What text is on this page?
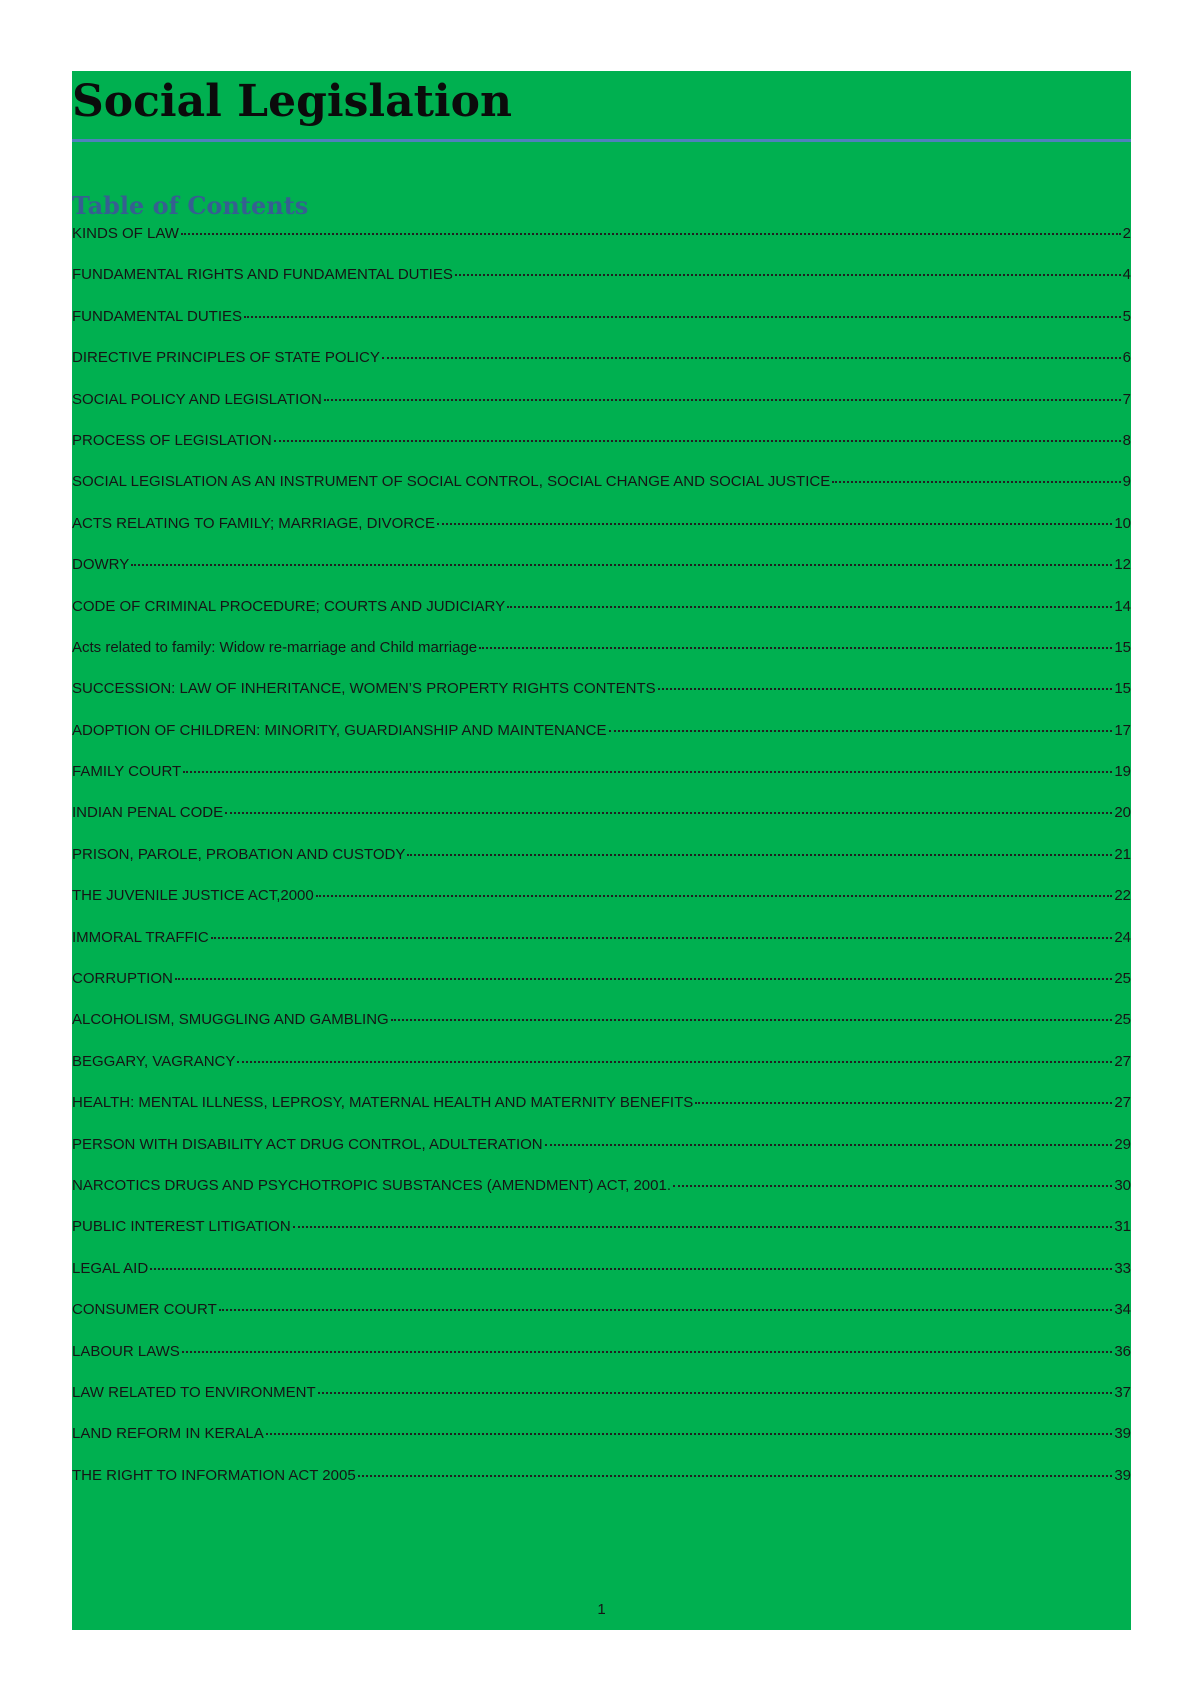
Social Legislation
Table of Contents
KINDS OF LAW	2
FUNDAMENTAL RIGHTS AND FUNDAMENTAL DUTIES	4
FUNDAMENTAL DUTIES	5
DIRECTIVE PRINCIPLES OF STATE POLICY	6
SOCIAL POLICY AND LEGISLATION	7
PROCESS OF LEGISLATION	8
SOCIAL LEGISLATION AS AN INSTRUMENT OF SOCIAL CONTROL, SOCIAL CHANGE AND SOCIAL JUSTICE	9
ACTS RELATING TO FAMILY; MARRIAGE, DIVORCE	10
DOWRY	12
CODE OF CRIMINAL PROCEDURE; COURTS AND JUDICIARY	14
Acts related to family: Widow re-marriage and Child marriage	15
SUCCESSION: LAW OF INHERITANCE, WOMEN’S PROPERTY RIGHTS CONTENTS	15
ADOPTION OF CHILDREN: MINORITY, GUARDIANSHIP AND MAINTENANCE	17
FAMILY COURT	19
INDIAN PENAL CODE	20
PRISON, PAROLE, PROBATION AND CUSTODY	21
THE JUVENILE JUSTICE ACT,2000	22
IMMORAL TRAFFIC	24
CORRUPTION	25
ALCOHOLISM, SMUGGLING AND GAMBLING	25
BEGGARY, VAGRANCY	27
HEALTH: MENTAL ILLNESS, LEPROSY, MATERNAL HEALTH AND MATERNITY BENEFITS	27
PERSON WITH DISABILITY ACT DRUG CONTROL, ADULTERATION	29
NARCOTICS DRUGS AND PSYCHOTROPIC SUBSTANCES (AMENDMENT) ACT, 2001.	30
PUBLIC INTEREST LITIGATION	31
LEGAL AID	33
CONSUMER COURT	34
LABOUR LAWS	36
LAW RELATED TO ENVIRONMENT	37
LAND REFORM IN KERALA	39
THE RIGHT TO INFORMATION ACT 2005	39

1
